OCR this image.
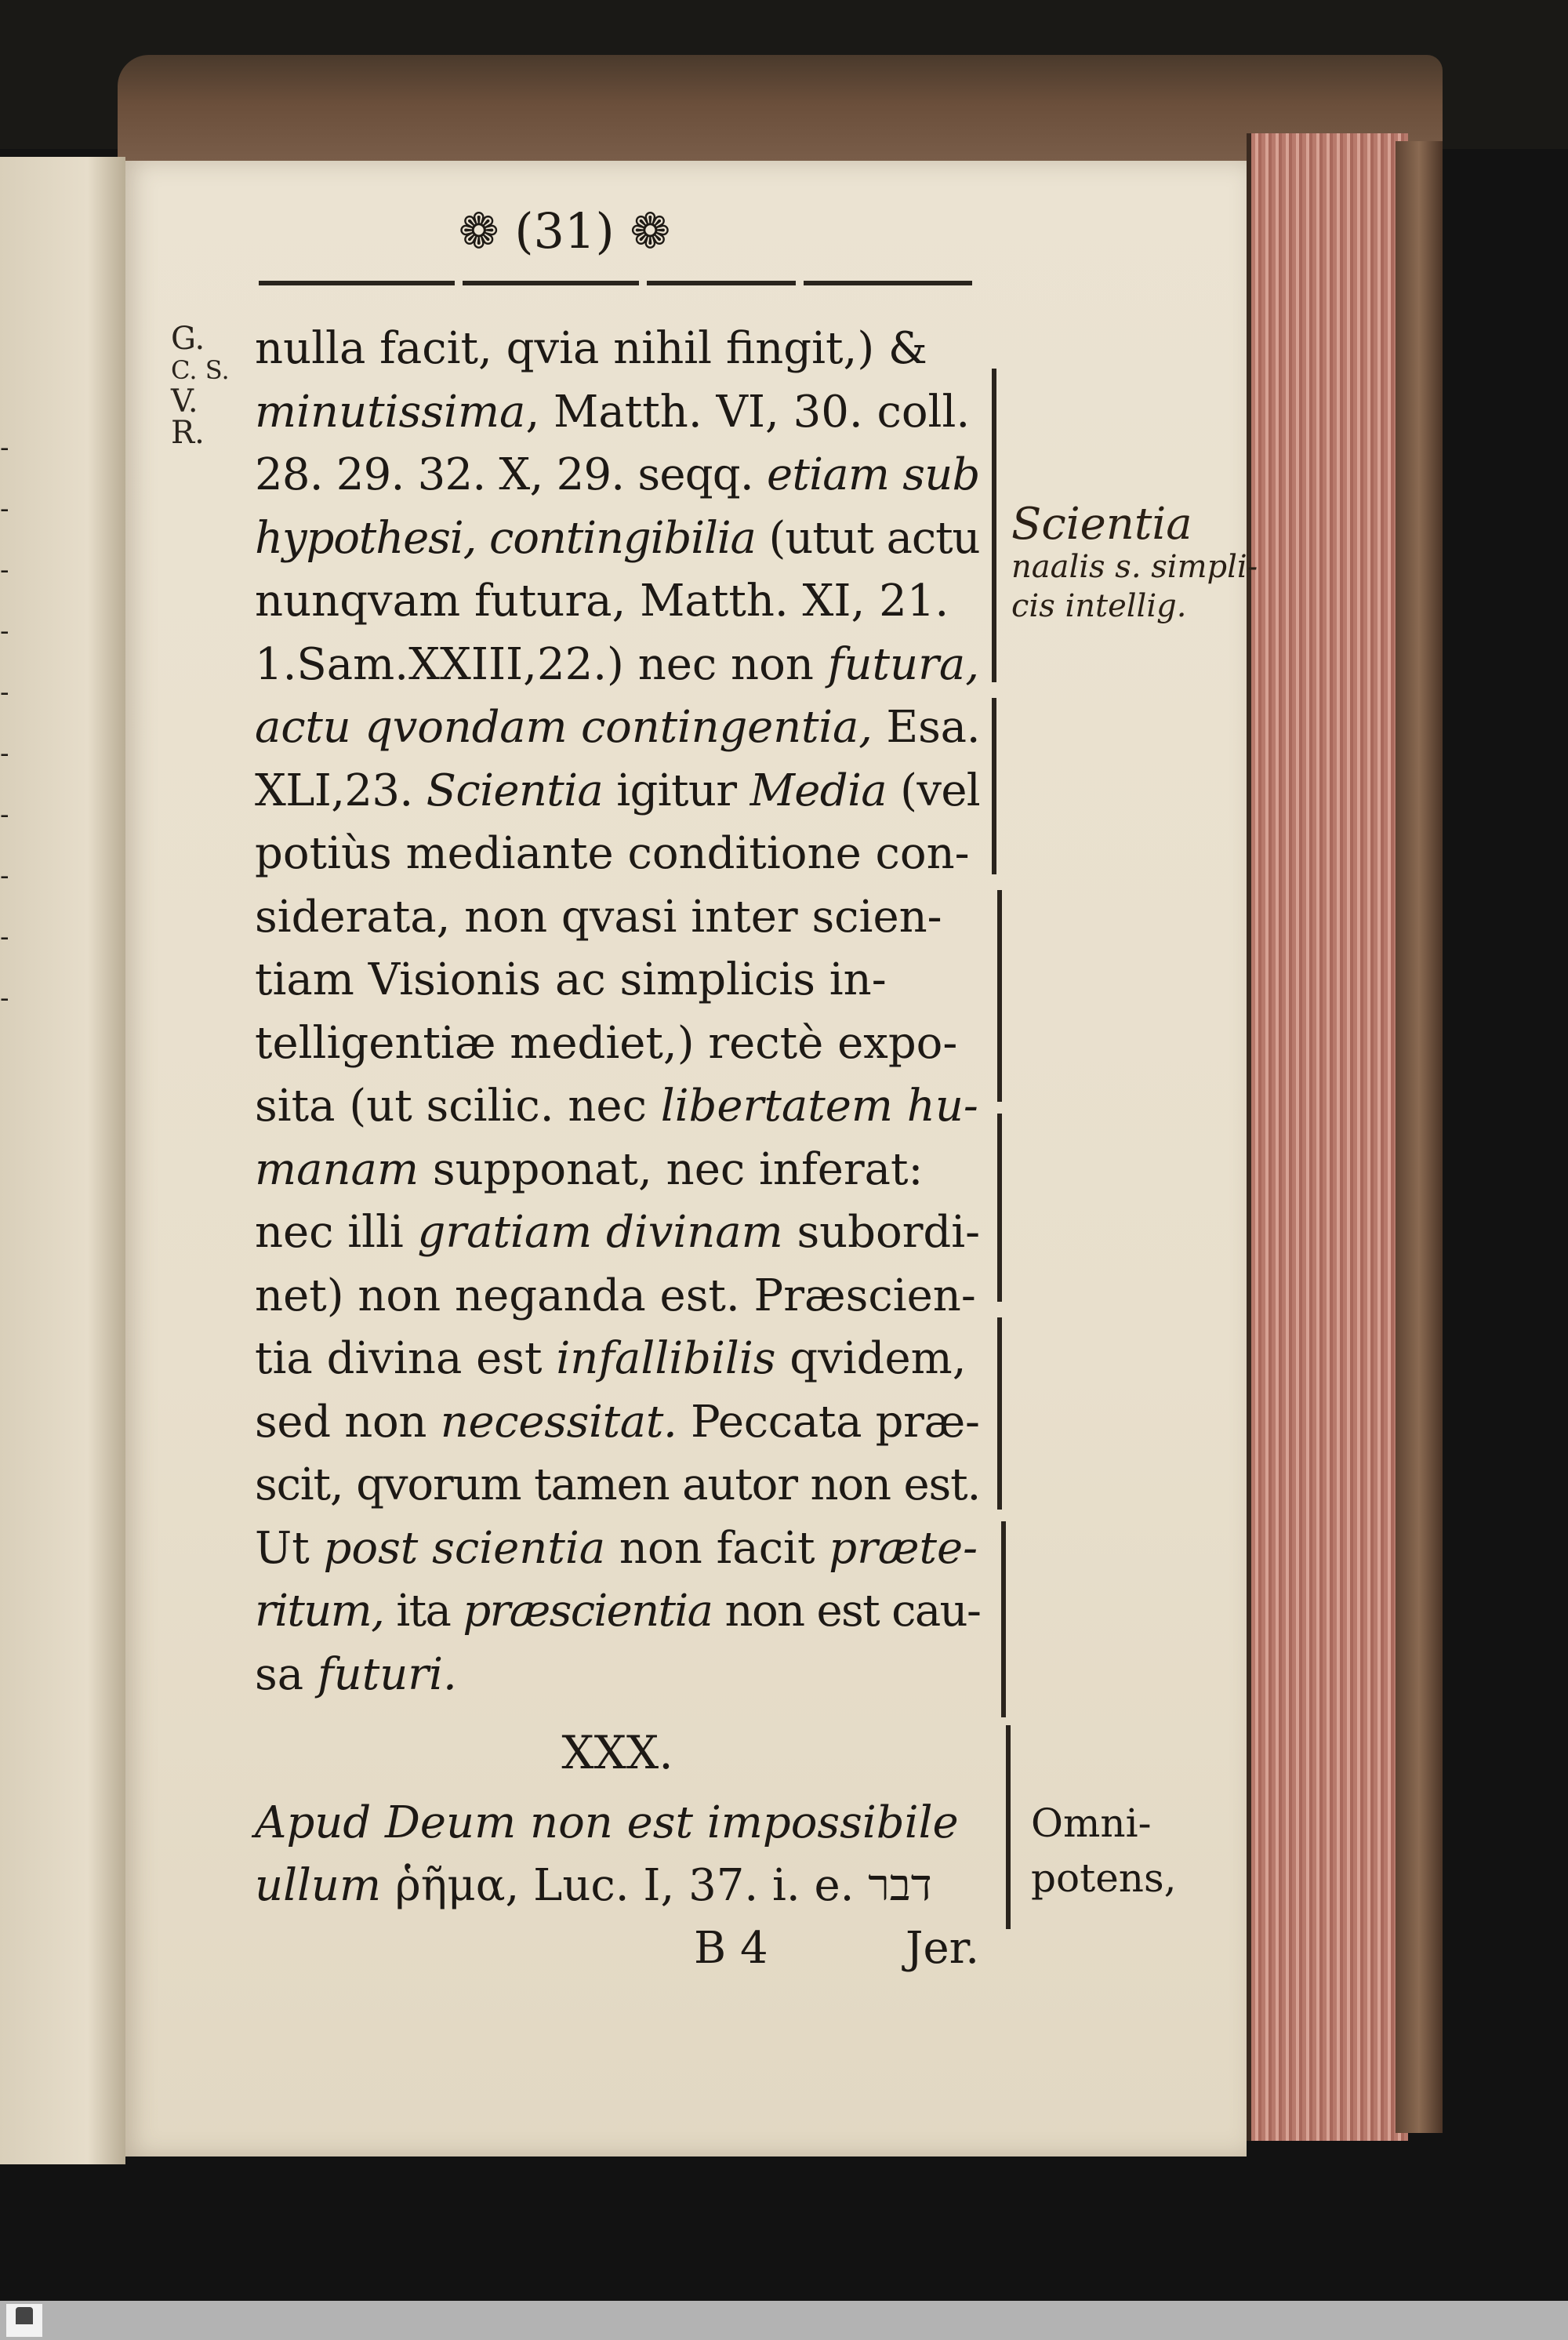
-
-
-
-
-
-
-
-
-
-
❁ (31) ❁
G.
C. S.
V.
R.
nulla facit, qvia nihil fingit,) &
minutissima, Matth. VI, 30. coll.
28. 29. 32. X, 29. seqq. etiam sub
hypothesi, contingibilia (utut actu
nunqvam futura, Matth. XI, 21.
1.Sam.XXIII,22.) nec non futura,
actu qvondam contingentia, Esa.
XLI,23. Scientia igitur Media (vel
potiùs mediante conditione con-
siderata, non qvasi inter scien-
tiam Visionis ac simplicis in-
telligentiæ mediet,) rectè expo-
sita (ut scilic. nec libertatem hu-
manam supponat, nec inferat:
nec illi gratiam divinam subordi-
net) non neganda est. Præscien-
tia divina est infallibilis qvidem,
sed non necessitat. Peccata præ-
scit, qvorum tamen autor non est.
Ut post scientia non facit præte-
ritum, ita præscientia non est cau-
sa futuri.
XXX.
Apud Deum non est impossibile
ullum ῥῆμα, Luc. I, 37. i. e. דבר
B 4	Jer.
Scientia
naalis s. simpli-
cis intellig.
Omni-
potens,
